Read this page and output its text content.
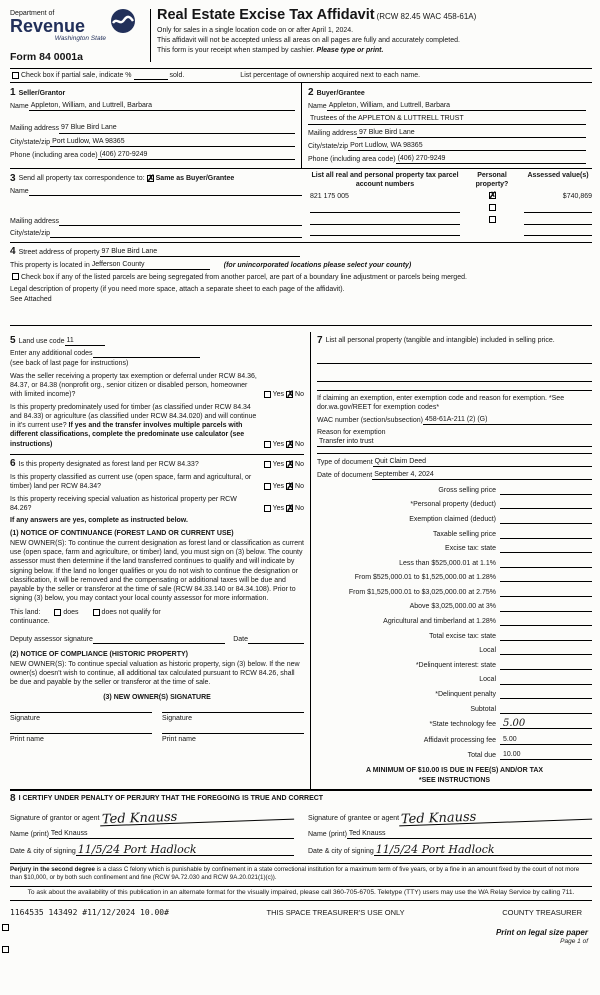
Department of
Revenue
Washington State
Form 84 0001a
Real Estate Excise Tax Affidavit (RCW 82.45 WAC 458-61A)
Only for sales in a single location code on or after April 1, 2024.
This affidavit will not be accepted unless all areas on all pages are fully and accurately completed.
This form is your receipt when stamped by cashier. Please type or print.
Check box if partial sale, indicate %	sold.	List percentage of ownership acquired next to each name.
1 Seller/Grantor
Name Appleton, William, and Luttrell, Barbara
Mailing address 97 Blue Bird Lane
City/state/zip Port Ludlow, WA 98365
Phone (including area code) (406) 270-9249
2 Buyer/Grantee
Name Appleton, William, and Luttrell, Barbara
Trustees of the APPLETON & LUTTRELL TRUST
Mailing address 97 Blue Bird Lane
City/state/zip Port Ludlow, WA 98365
Phone (including area code) (406) 270-9249
3 Send all property tax correspondence to: ✗ Same as Buyer/Grantee
Name
Mailing address
City/state/zip
List all real and personal property tax parcel account numbers
Personal property?
Assessed value(s)
821 175 005 ✗	$740,869
4 Street address of property 97 Blue Bird Lane
This property is located in Jefferson County	(for unincorporated locations please select your county)
Check box if any of the listed parcels are being segregated from another parcel, are part of a boundary line adjustment or parcels being merged.
Legal description of property (if you need more space, attach a separate sheet to each page of the affidavit).
See Attached
5 Land use code 11
Enter any additional codes
(see back of last page for instructions)
Was the seller receiving a property tax exemption or deferral under RCW 84.36, 84.37, or 84.38 (nonprofit org., senior citizen or disabled person, homeowner with limited income)?	Yes ✗ No
Is this property predominately used for timber (as classified under RCW 84.34 and 84.33) or agriculture (as classified under RCW 84.34.020) and will continue in it's current use? If yes and the transfer involves multiple parcels with different classifications, complete the predominate use calculator (see instructions)	Yes ✗ No
6 Is this property designated as forest land per RCW 84.33?	Yes ✗ No
Is this property classified as current use (open space, farm and agricultural, or timber) land per RCW 84.34?	Yes ✗ No
Is this property receiving special valuation as historical property per RCW 84.26?	Yes ✗ No
If any answers are yes, complete as instructed below.
(1) NOTICE OF CONTINUANCE (FOREST LAND OR CURRENT USE)
NEW OWNER(S): To continue the current designation as forest land or classification as current use (open space, farm and agriculture, or timber) land, you must sign on (3) below. The county assessor must then determine if the land transferred continues to qualify and will indicate by signing below. If the land no longer qualifies or you do not wish to continue the designation or classification, it will be removed and the compensating or additional taxes will be due and payable by the seller or transferor at the time of sale (RCW 84.33.140 or 84.34.108). Prior to signing (3) below, you may contact your local county assessor for more information.
This land:	does	does not qualify for
continuance.
Deputy assessor signature	Date
(2) NOTICE OF COMPLIANCE (HISTORIC PROPERTY)
NEW OWNER(S): To continue special valuation as historic property, sign (3) below. If the new owner(s) doesn't wish to continue, all additional tax calculated pursuant to RCW 84.26, shall be due and payable by the seller or transferor at the time of sale.
(3) NEW OWNER(S) SIGNATURE
Signature	Signature
Print name	Print name
7 List all personal property (tangible and intangible) included in selling price.
If claiming an exemption, enter exemption code and reason for exemption. *See dor.wa.gov/REET for exemption codes*
WAC number (section/subsection) 458-61A-211 (2) (G)
Reason for exemption
Transfer into trust
Type of document Quit Claim Deed
Date of document September 4, 2024
Gross selling price
*Personal property (deduct)
Exemption claimed (deduct)
Taxable selling price
Excise tax: state
Less than $525,000.01 at 1.1%
From $525,000.01 to $1,525,000.00 at 1.28%
From $1,525,000.01 to $3,025,000.00 at 2.75%
Above $3,025,000.00 at 3%
Agricultural and timberland at 1.28%
Total excise tax: state
Local
*Delinquent interest: state
Local
*Delinquent penalty
Subtotal
*State technology fee 5.00
Affidavit processing fee	5.00
Total due	10.00
A MINIMUM OF $10.00 IS DUE IN FEE(S) AND/OR TAX
*SEE INSTRUCTIONS
8 I CERTIFY UNDER PENALTY OF PERJURY THAT THE FOREGOING IS TRUE AND CORRECT
Signature of grantor or agent Ted Knauss	Signature of grantee or agent Ted Knauss
Name (print) Ted Knauss	Name (print) Ted Knauss
Date & city of signing 11/5/24 Port Hadlock	Date & city of signing 11/5/24 Port Hadlock
Perjury in the second degree is a class C felony which is punishable by confinement in a state correctional institution for a maximum term of five years, or by a fine in an amount fixed by the court of not more than $10,000, or by both such confinement and fine (RCW 9A.72.030 and RCW 9A.20.021(1)(c)).
To ask about the availability of this publication in an alternate format for the visually impaired, please call 360-705-6705. Teletype (TTY) users may use the WA Relay Service by calling 711.
1164535 143492 #11/12/2024 10.00#	THIS SPACE TREASURER'S USE ONLY	COUNTY TREASURER
Print on legal size paper
Page 1 of
